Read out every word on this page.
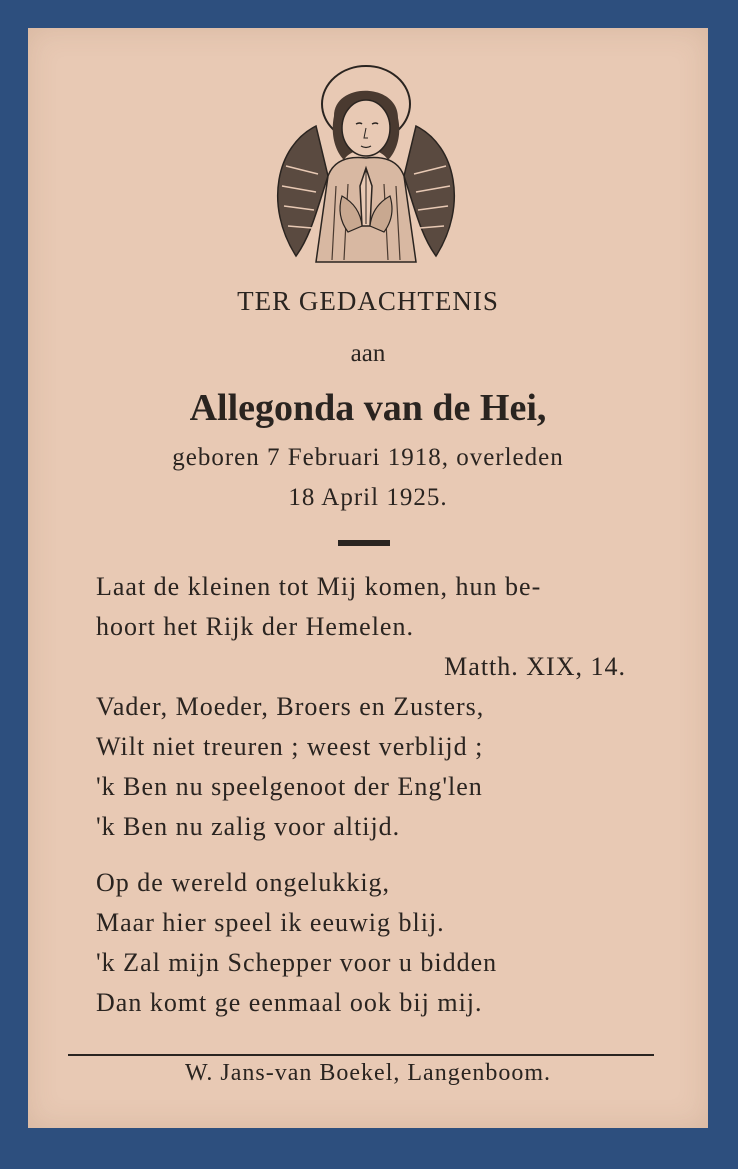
TER GEDACHTENIS
aan
Allegonda van de Hei,
geboren 7 Februari 1918, overleden
18 April 1925.
Laat de kleinen tot Mij komen, hun be-
hoort het Rijk der Hemelen.
Matth. XIX, 14.
Vader, Moeder, Broers en Zusters,
Wilt niet treuren ; weest verblijd ;
'k Ben nu speelgenoot der Eng'len
'k Ben nu zalig voor altijd.
Op de wereld ongelukkig,
Maar hier speel ik eeuwig blij.
'k Zal mijn Schepper voor u bidden
Dan komt ge eenmaal ook bij mij.
W. Jans-van Boekel, Langenboom.
